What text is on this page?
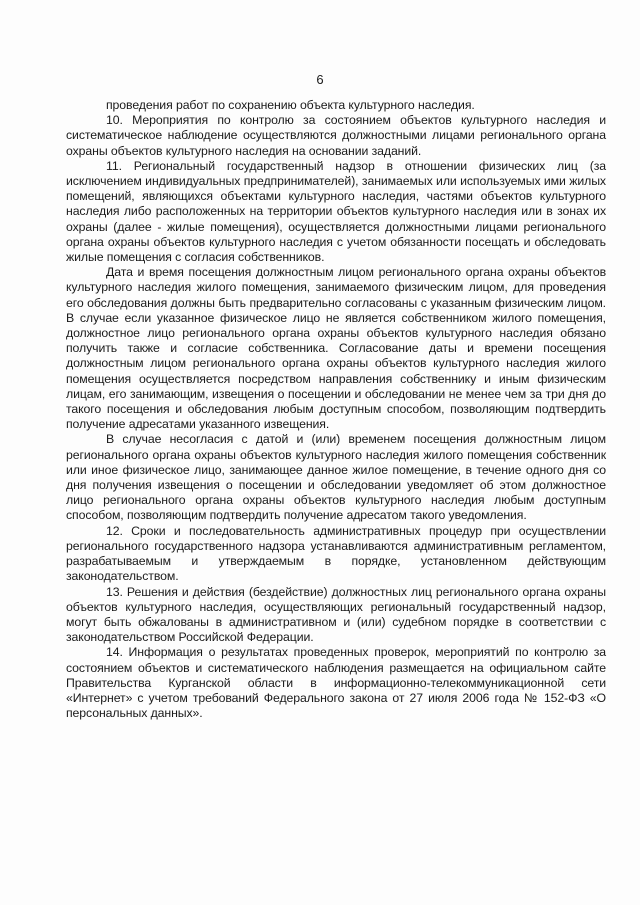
6

проведения работ по сохранению объекта культурного наследия.

10. Мероприятия по контролю за состоянием объектов культурного наследия и систематическое наблюдение осуществляются должностными лицами регионального органа охраны объектов культурного наследия на основании заданий.

11. Региональный государственный надзор в отношении физических лиц (за исключением индивидуальных предпринимателей), занимаемых или используемых ими жилых помещений, являющихся объектами культурного наследия, частями объектов культурного наследия либо расположенных на территории объектов культурного наследия или в зонах их охраны (далее - жилые помещения), осуществляется должностными лицами регионального органа охраны объектов культурного наследия с учетом обязанности посещать и обследовать жилые помещения с согласия собственников.

Дата и время посещения должностным лицом регионального органа охраны объектов культурного наследия жилого помещения, занимаемого физическим лицом, для проведения его обследования должны быть предварительно согласованы с указанным физическим лицом. В случае если указанное физическое лицо не является собственником жилого помещения, должностное лицо регионального органа охраны объектов культурного наследия обязано получить также и согласие собственника. Согласование даты и времени посещения должностным лицом регионального органа охраны объектов культурного наследия жилого помещения осуществляется посредством направления собственнику и иным физическим лицам, его занимающим, извещения о посещении и обследовании не менее чем за три дня до такого посещения и обследования любым доступным способом, позволяющим подтвердить получение адресатами указанного извещения.

В случае несогласия с датой и (или) временем посещения должностным лицом регионального органа охраны объектов культурного наследия жилого помещения собственник или иное физическое лицо, занимающее данное жилое помещение, в течение одного дня со дня получения извещения о посещении и обследовании уведомляет об этом должностное лицо регионального органа охраны объектов культурного наследия любым доступным способом, позволяющим подтвердить получение адресатом такого уведомления.

12. Сроки и последовательность административных процедур при осуществлении регионального государственного надзора устанавливаются административным регламентом, разрабатываемым и утверждаемым в порядке, установленном действующим законодательством.

13. Решения и действия (бездействие) должностных лиц регионального органа охраны объектов культурного наследия, осуществляющих региональный государственный надзор, могут быть обжалованы в административном и (или) судебном порядке в соответствии с законодательством Российской Федерации.

14. Информация о результатах проведенных проверок, мероприятий по контролю за состоянием объектов и систематического наблюдения размещается на официальном сайте Правительства Курганской области в информационно-телекоммуникационной сети «Интернет» с учетом требований Федерального закона от 27 июля 2006 года № 152-ФЗ «О персональных данных».
